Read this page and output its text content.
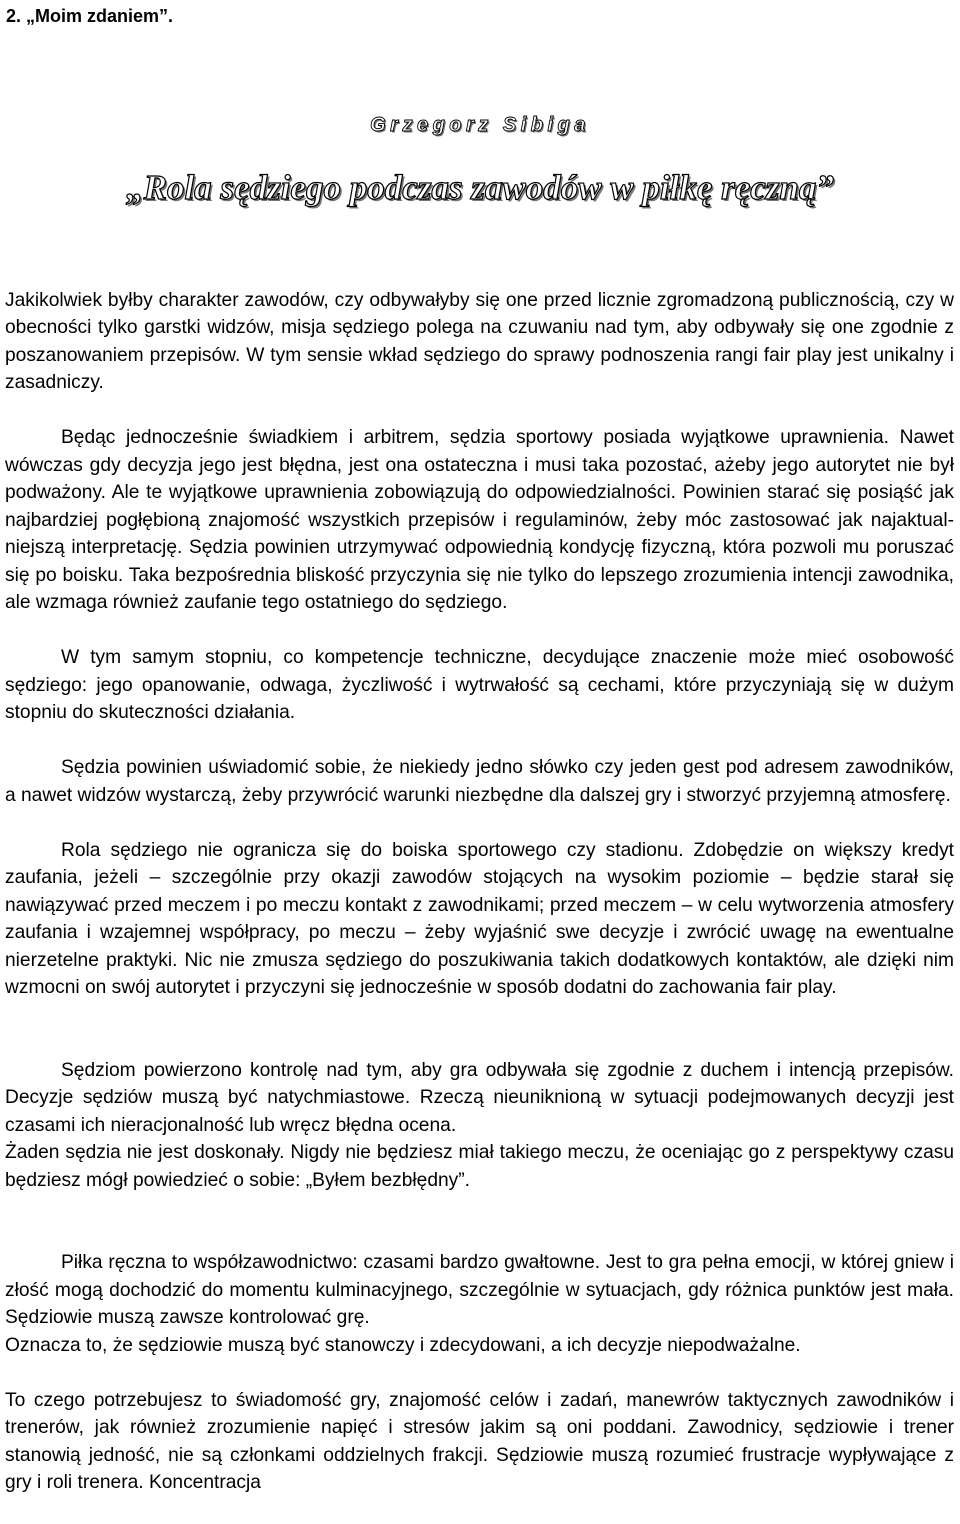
2. „Moim zdaniem”.
Grzegorz Sibiga
„Rola sędziego podczas zawodów w piłkę ręczną”

Jakikolwiek byłby charakter zawodów, czy odbywałyby się one przed licznie zgromadzoną publicznością, czy w obecności tylko garstki widzów, misja sędziego polega na czuwaniu nad tym, aby odbywały się one zgodnie z poszanowaniem przepisów. W tym sensie wkład sędziego do sprawy podnoszenia rangi fair play jest unikalny i zasadniczy.

Będąc jednocześnie świadkiem i arbitrem, sędzia sportowy posiada wyjątkowe uprawnienia. Nawet wówczas gdy decyzja jego jest błędna, jest ona ostateczna i musi taka pozostać, ażeby jego autorytet nie był podważony. Ale te wyjątkowe uprawnienia zobowiązują do odpowiedzialności. Powinien starać się posiąść jak najbardziej pogłębioną znajomość wszystkich przepisów i regulaminów, żeby móc zastosować jak najaktualniejszą interpretację. Sędzia powinien utrzymywać odpowiednią kondycję fizyczną, która pozwoli mu poruszać się po boisku. Taka bezpośrednia bliskość przyczynia się nie tylko do lepszego zrozumienia intencji zawodnika, ale wzmaga również zaufanie tego ostatniego do sędziego.

W tym samym stopniu, co kompetencje techniczne, decydujące znaczenie może mieć osobowość sędziego: jego opanowanie, odwaga, życzliwość i wytrwałość są cechami, które przyczyniają się w dużym stopniu do skuteczności działania.

Sędzia powinien uświadomić sobie, że niekiedy jedno słówko czy jeden gest pod adresem zawodników, a nawet widzów wystarczą, żeby przywrócić warunki niezbędne dla dalszej gry i stworzyć przyjemną atmosferę.

Rola sędziego nie ogranicza się do boiska sportowego czy stadionu. Zdobędzie on większy kredyt zaufania, jeżeli – szczególnie przy okazji zawodów stojących na wysokim poziomie – będzie starał się nawiązywać przed meczem i po meczu kontakt z zawodnikami; przed meczem – w celu wytworzenia atmosfery zaufania i wzajemnej współpracy, po meczu – żeby wyjaśnić swe decyzje i zwrócić uwagę na ewentualne nierzetelne praktyki. Nic nie zmusza sędziego do poszukiwania takich dodatkowych kontaktów, ale dzięki nim wzmocni on swój autorytet i przyczyni się jednocześnie w sposób dodatni do zachowania fair play.

Sędziom powierzono kontrolę nad tym, aby gra odbywała się zgodnie z duchem i intencją przepisów. Decyzje sędziów muszą być natychmiastowe. Rzeczą nieuniknioną w sytuacji podejmowanych decyzji jest czasami ich nieracjonalność lub wręcz błędna ocena.
Żaden sędzia nie jest doskonały. Nigdy nie będziesz miał takiego meczu, że oceniając go z perspektywy czasu będziesz mógł powiedzieć o sobie: „Byłem bezbłędny”.

Piłka ręczna to współzawodnictwo: czasami bardzo gwałtowne. Jest to gra pełna emocji, w której gniew i złość mogą dochodzić do momentu kulminacyjnego, szczególnie w sytuacjach, gdy różnica punktów jest mała. Sędziowie muszą zawsze kontrolować grę.
Oznacza to, że sędziowie muszą być stanowczy i zdecydowani, a ich decyzje niepodważalne.

To czego potrzebujesz to świadomość gry, znajomość celów i zadań, manewrów taktycznych zawodników i trenerów, jak również zrozumienie napięć i stresów jakim są oni poddani. Zawodnicy, sędziowie i trener stanowią jedność, nie są członkami oddzielnych frakcji. Sędziowie muszą rozumieć frustracje wypływające z gry i roli trenera. Koncentracja
